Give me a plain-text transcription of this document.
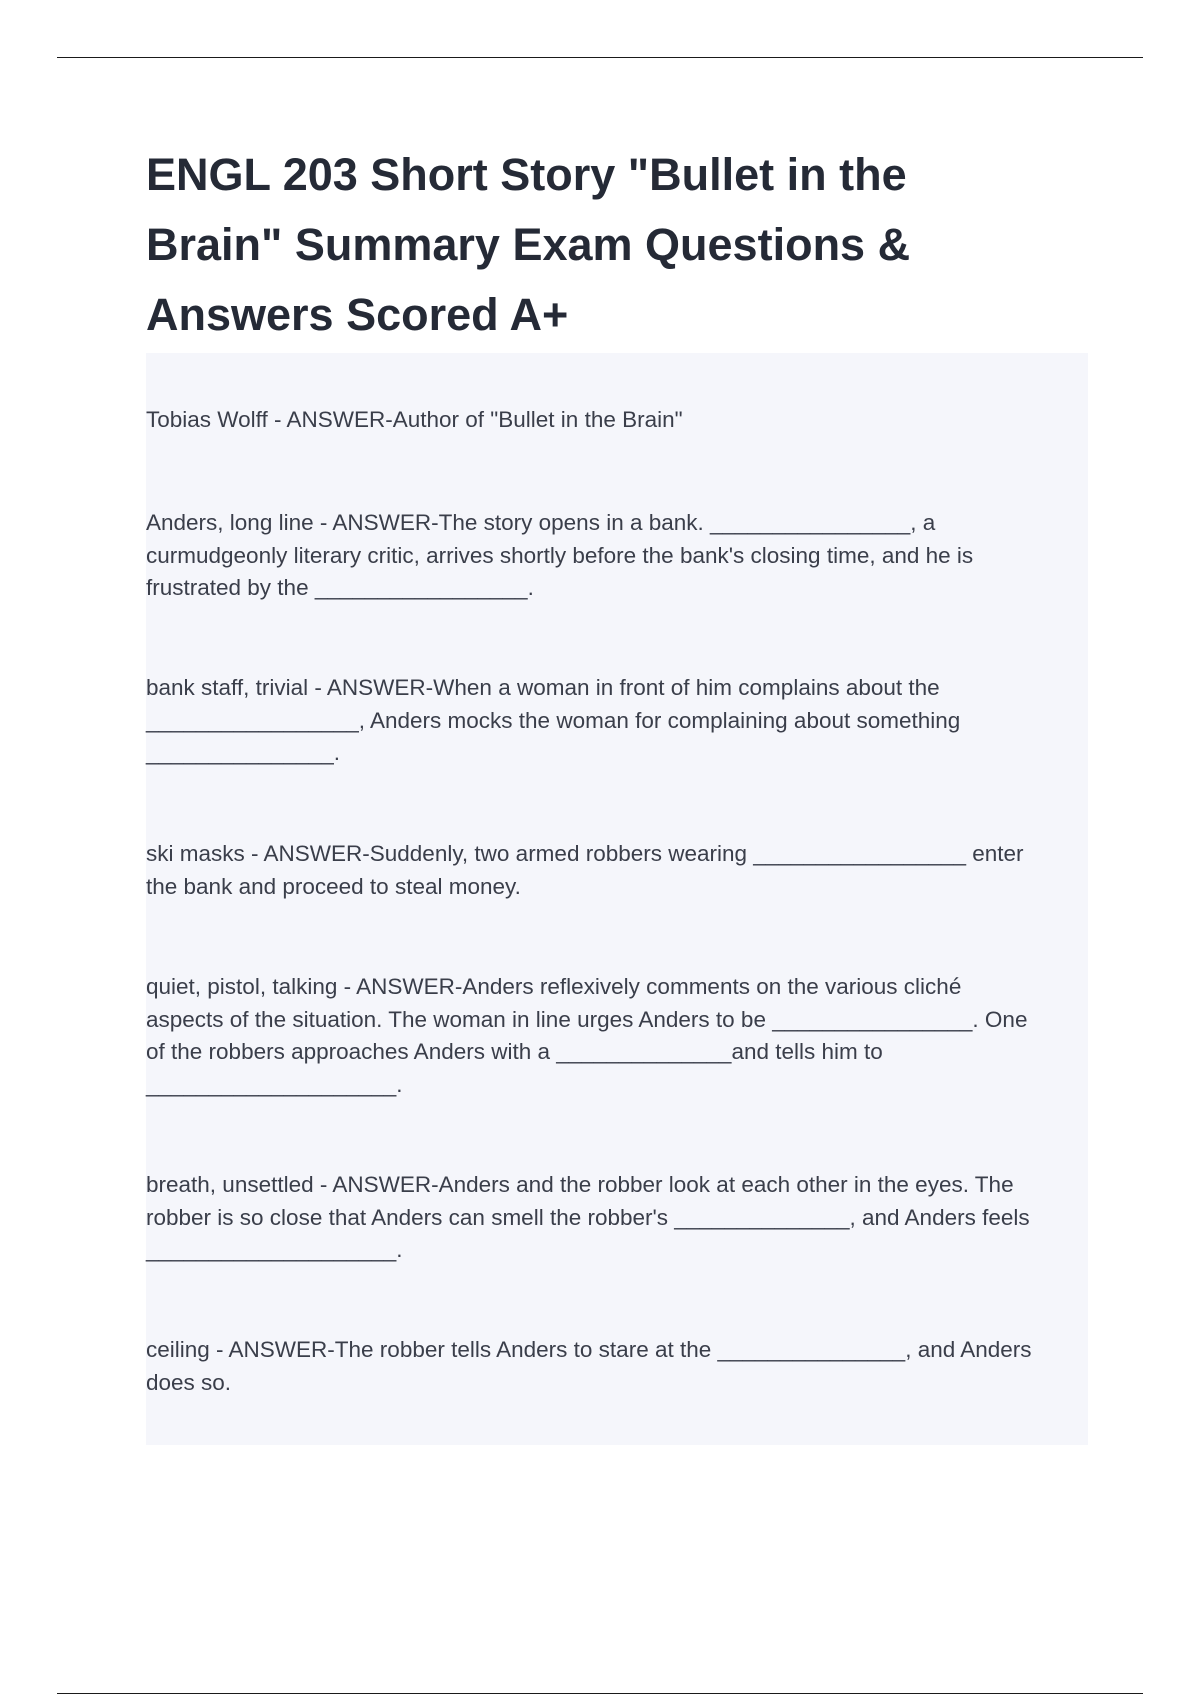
ENGL 203 Short Story "Bullet in the Brain" Summary Exam Questions & Answers Scored A+

Tobias Wolff - ANSWER-Author of "Bullet in the Brain"

Anders, long line - ANSWER-The story opens in a bank. ________________, a
curmudgeonly literary critic, arrives shortly before the bank's closing time, and he is
frustrated by the _________________.

bank staff, trivial - ANSWER-When a woman in front of him complains about the
_________________, Anders mocks the woman for complaining about something
_______________.

ski masks - ANSWER-Suddenly, two armed robbers wearing _________________ enter
the bank and proceed to steal money.

quiet, pistol, talking - ANSWER-Anders reflexively comments on the various cliché
aspects of the situation. The woman in line urges Anders to be ________________. One
of the robbers approaches Anders with a ______________and tells him to
____________________.

breath, unsettled - ANSWER-Anders and the robber look at each other in the eyes. The
robber is so close that Anders can smell the robber's ______________, and Anders feels
____________________.

ceiling - ANSWER-The robber tells Anders to stare at the _______________, and Anders
does so.
